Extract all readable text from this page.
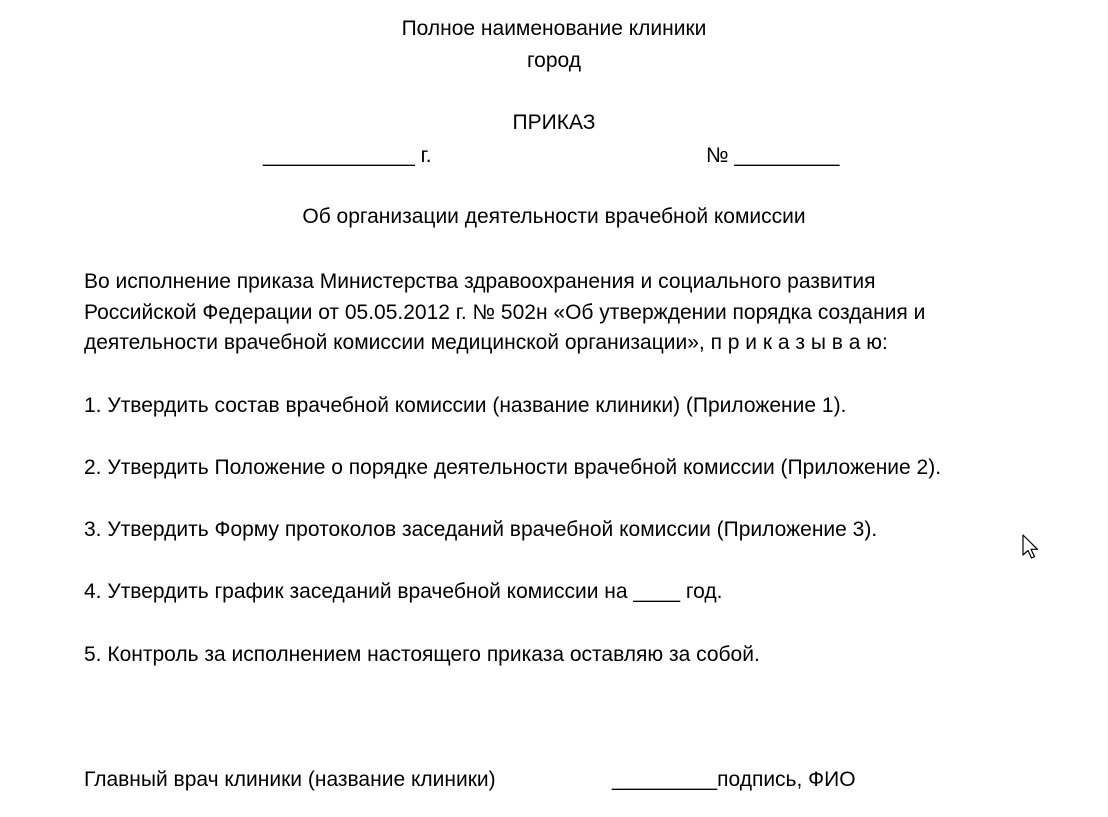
Полное наименование клиники
город
ПРИКАЗ
_____________ г.	№ _________
Об организации деятельности врачебной комиссии
Во исполнение приказа Министерства здравоохранения и социального развития
Российской Федерации от 05.05.2012 г. № 502н «Об утверждении порядка создания и
деятельности врачебной комиссии медицинской организации», п р и к а з ы в а ю:
1. Утвердить состав врачебной комиссии (название клиники) (Приложение 1).
2. Утвердить Положение о порядке деятельности врачебной комиссии (Приложение 2).
3. Утвердить Форму протоколов заседаний врачебной комиссии (Приложение 3).
4. Утвердить график заседаний врачебной комиссии на ____ год.
5. Контроль за исполнением настоящего приказа оставляю за собой.
Главный врач клиники (название клиники)	_________подпись, ФИО
